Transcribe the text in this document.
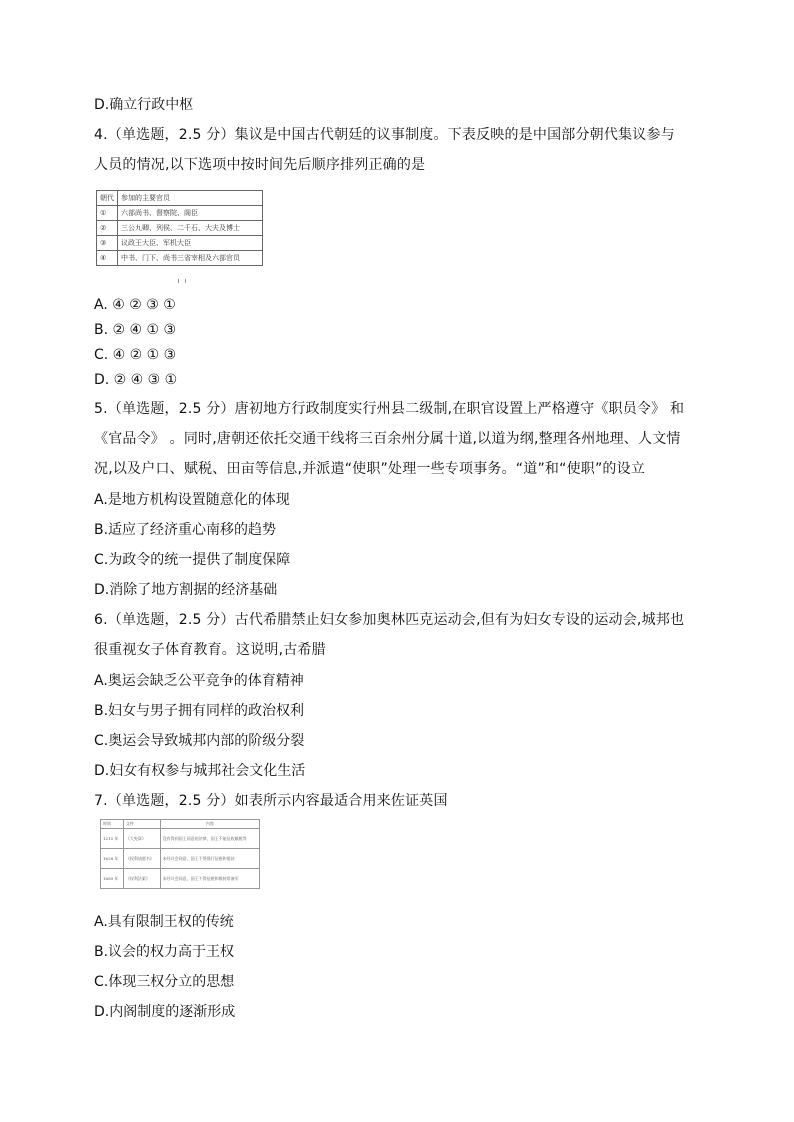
D.确立行政中枢
4.（单选题，2.5 分）集议是中国古代朝廷的议事制度。下表反映的是中国部分朝代集议参与
人员的情况,以下选项中按时间先后顺序排列正确的是
朝代	参加的主要官员
①	六部尚书、督察院、阁臣
②	三公九卿、列侯、二千石、大夫及博士
③	议政王大臣、军机大臣
④	中书、门下、尚书三省宰相及六部官员
A. ④ ② ③ ①
B. ② ④ ① ③
C. ④ ② ① ③
D. ② ④ ③ ①
5.（单选题，2.5 分）唐初地方行政制度实行州县二级制,在职官设置上严格遵守《职员令》 和
《官品令》 。同时,唐朝还依托交通干线将三百余州分属十道,以道为纲,整理各州地理、人文情
况,以及户口、赋税、田亩等信息,并派遣“使职”处理一些专项事务。“道”和“使职”的设立
A.是地方机构设置随意化的体现
B.适应了经济重心南移的趋势
C.为政令的统一提供了制度保障
D.消除了地方割据的经济基础
6.（单选题，2.5 分）古代希腊禁止妇女参加奥林匹克运动会,但有为妇女专设的运动会,城邦也
很重视女子体育教育。这说明,古希腊
A.奥运会缺乏公平竞争的体育精神
B.妇女与男子拥有同样的政治权利
C.奥运会导致城邦内部的阶级分裂
D.妇女有权参与城邦社会文化生活
7.（单选题，2.5 分）如表所示内容最适合用来佐证英国
时间	文件	内容
1215 年	《大宪章》	没有得到国王同意的法律，国王不能征收赋税等
1628 年	《权利请愿书》	未经议会同意，国王不得强行征税和借款
1689 年	《权利法案》	未经议会同意，国王不得征税和维持常备军
A.具有限制王权的传统
B.议会的权力高于王权
C.体现三权分立的思想
D.内阁制度的逐渐形成
